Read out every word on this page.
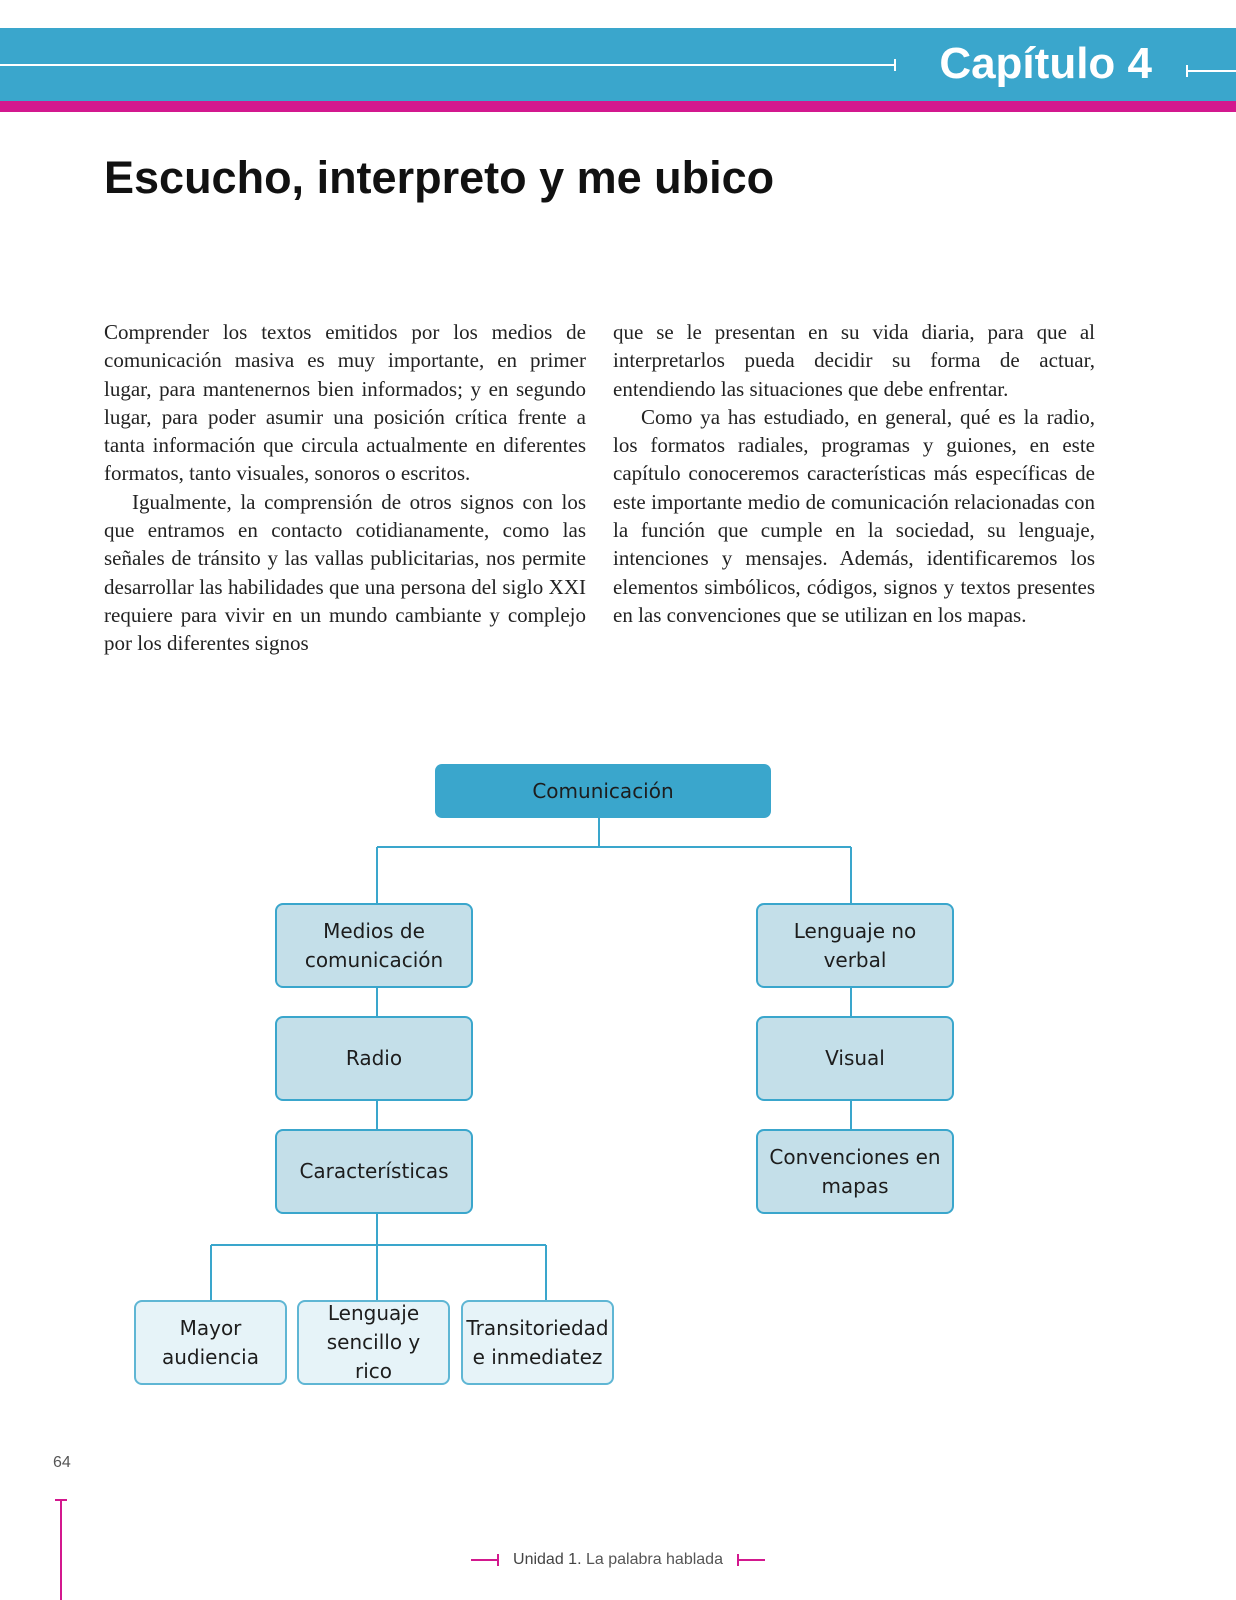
Capítulo 4
Escucho, interpreto y me ubico

Comprender los textos emitidos por los medios de comunicación masiva es muy importante, en primer lugar, para mantenernos bien informados; y en segundo lugar, para poder asumir una posición crítica frente a tanta información que circula actualmente en diferentes formatos, tanto visuales, sonoros o escritos.

Igualmente, la comprensión de otros signos con los que entramos en contacto cotidianamente, como las señales de tránsito y las vallas publicitarias, nos permite desarrollar las habilidades que una persona del siglo XXI requiere para vivir en un mundo cambiante y complejo por los diferentes signos

que se le presentan en su vida diaria, para que al interpretarlos pueda decidir su forma de actuar, entendiendo las situaciones que debe enfrentar.

Como ya has estudiado, en general, qué es la radio, los formatos radiales, programas y guiones, en este capítulo conoceremos características más específicas de este importante medio de comunicación relacionadas con la función que cumple en la sociedad, su lenguaje, intenciones y mensajes. Además, identificaremos los elementos simbólicos, códigos, signos y textos presentes en las convenciones que se utilizan en los mapas.

Comunicación
Medios de comunicación
Radio
Características
Lenguaje no verbal
Visual
Convenciones en mapas
Mayor audiencia
Lenguaje sencillo y rico
Transitoriedad e inmediatez
64
Unidad 1. La palabra hablada
